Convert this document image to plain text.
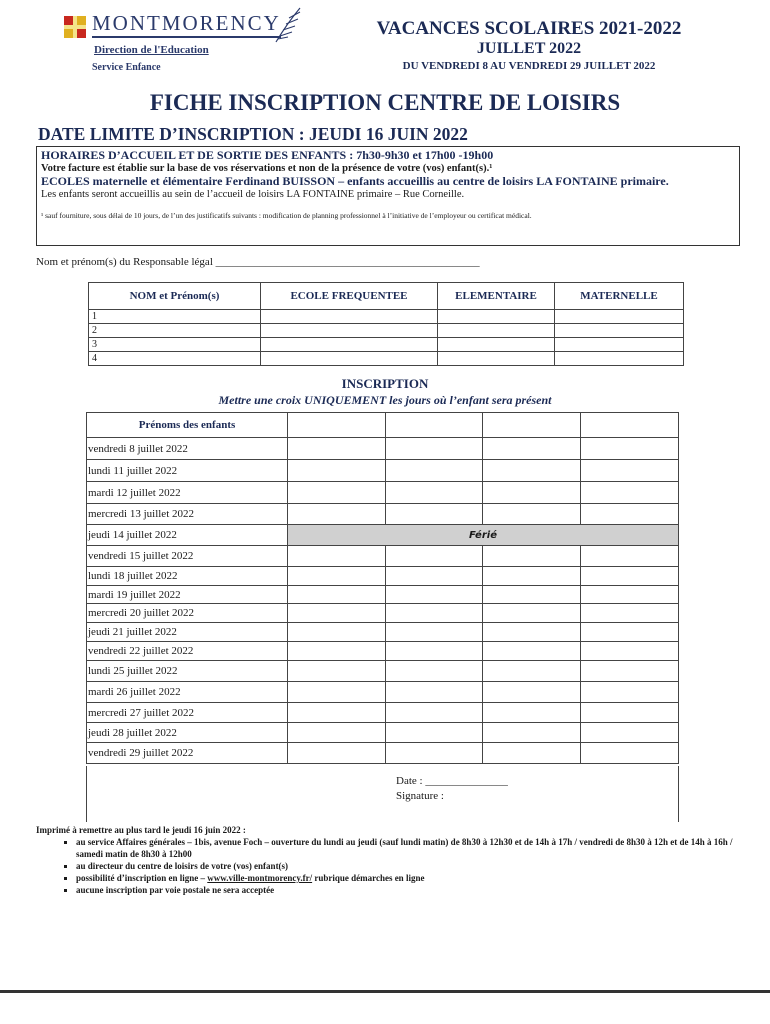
MONTMORENCY
Direction de l'Education
Service Enfance
VACANCES SCOLAIRES 2021-2022
JUILLET 2022
DU VENDREDI 8 AU VENDREDI 29 JUILLET 2022
FICHE INSCRIPTION CENTRE DE LOISIRS
DATE LIMITE D’INSCRIPTION : JEUDI 16 JUIN 2022
HORAIRES D’ACCUEIL ET DE SORTIE DES ENFANTS : 7h30-9h30 et 17h00 -19h00
Votre facture est établie sur la base de vos réservations et non de la présence de votre (vos) enfant(s).¹
ECOLES maternelle et élémentaire Ferdinand BUISSON – enfants accueillis au centre de loisirs LA FONTAINE primaire.
Les enfants seront accueillis au sein de l’accueil de loisirs LA FONTAINE primaire – Rue Corneille.
¹ sauf fourniture, sous délai de 10 jours, de l’un des justificatifs suivants : modification de planning professionnel à l’initiative de l’employeur ou certificat médical.
Nom et prénom(s) du Responsable légal ________________________________________________
NOM et Prénom(s)	ECOLE FREQUENTEE	ELEMENTAIRE	MATERNELLE
1			
2			
3			
4			
INSCRIPTION
Mettre une croix UNIQUEMENT les jours où l’enfant sera présent
Prénoms des enfants				
vendredi 8 juillet 2022				
lundi 11 juillet 2022				
mardi 12 juillet 2022				
mercredi 13 juillet 2022				
jeudi 14 juillet 2022	Férié			
vendredi 15 juillet 2022				
lundi 18 juillet 2022				
mardi 19 juillet 2022				
mercredi 20 juillet 2022				
jeudi 21 juillet 2022				
vendredi 22 juillet 2022				
lundi 25 juillet 2022				
mardi 26 juillet 2022				
mercredi 27 juillet 2022				
jeudi 28 juillet 2022				
vendredi 29 juillet 2022				
Date : _______________
Signature :
Imprimé à remettre au plus tard le jeudi 16 juin 2022 :
▪ au service Affaires générales – 1bis, avenue Foch – ouverture du lundi au jeudi (sauf lundi matin) de 8h30 à 12h30 et de 14h à 17h / vendredi de 8h30 à 12h et de 14h à 16h / samedi matin de 8h30 à 12h00
▪ au directeur du centre de loisirs de votre (vos) enfant(s)
▪ possibilité d’inscription en ligne – www.ville-montmorency.fr/ rubrique démarches en ligne
▪ aucune inscription par voie postale ne sera acceptée
